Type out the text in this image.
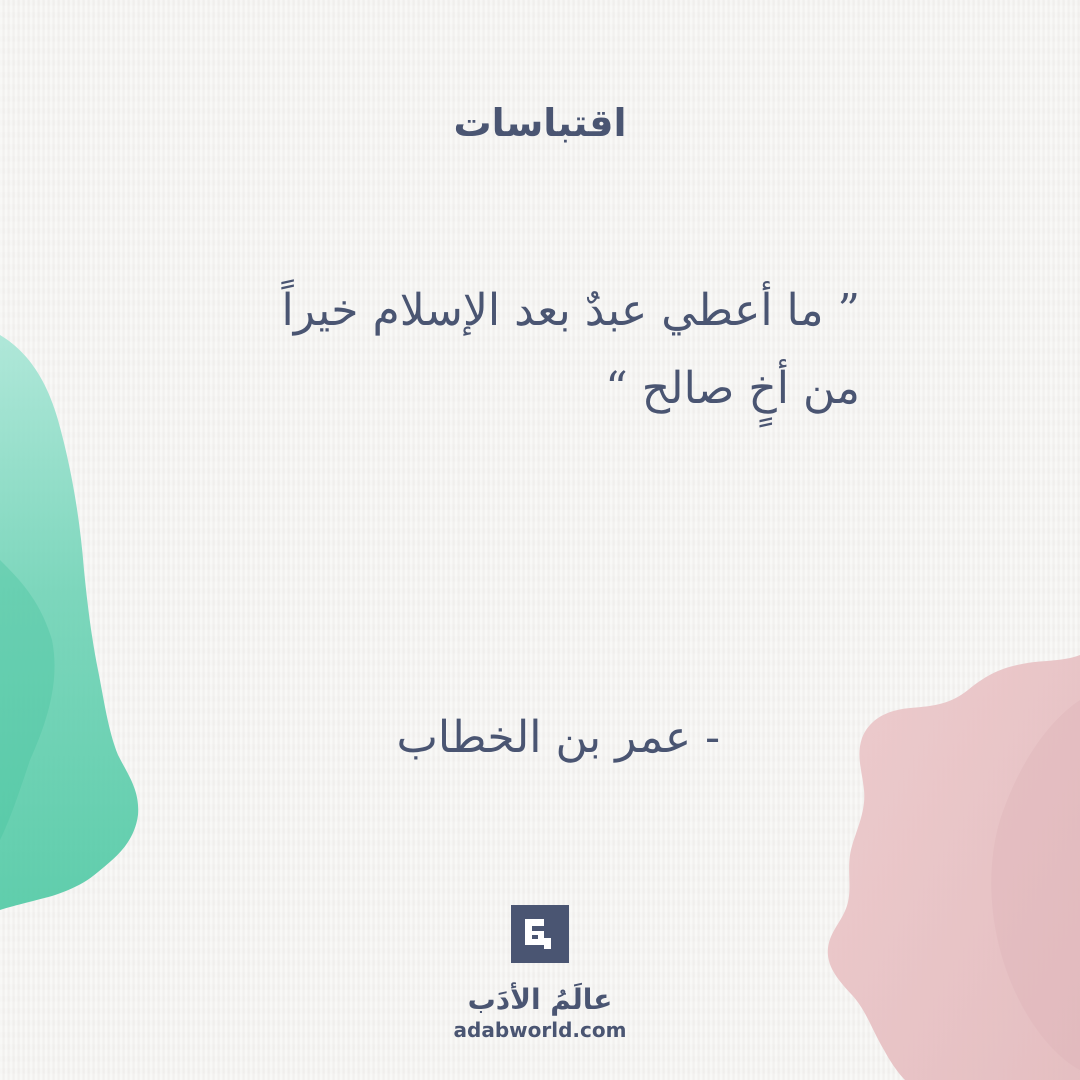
اقتباسات
” ما أعطي عبدٌ بعد الإسلام خيراً
من أخٍ صالح “
- عمر بن الخطاب
عالَمُ الأدَب
adabworld.com
